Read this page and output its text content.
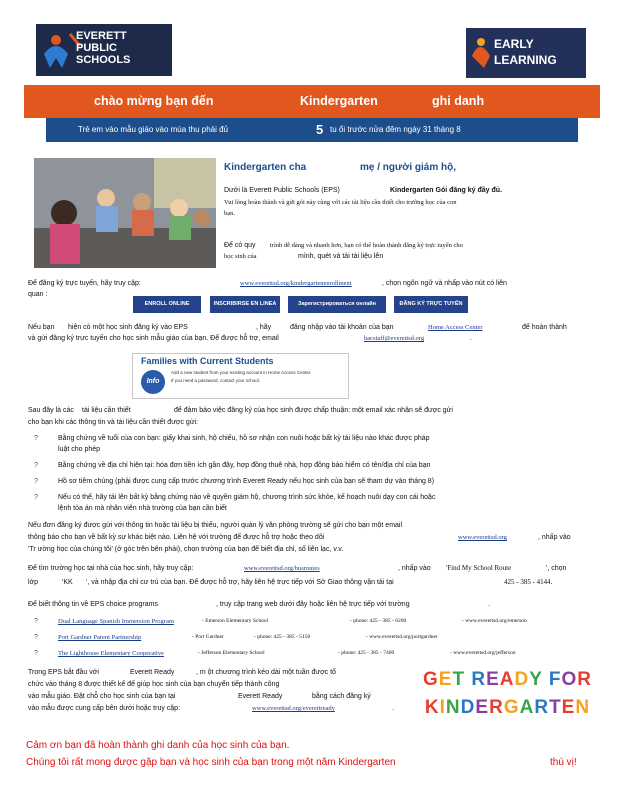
EVERETT PUBLIC SCHOOLS
EARLY LEARNING
chào mừng bạn đến	Kindergarten	ghi danh
Trẻ em vào mẫu giáo vào mùa thu phải đủ	5 tu ổi trước nửa đêm ngày 31 tháng 8
Kindergarten cha	mẹ / người giám hộ,
Dưới là Everett Public Schools (EPS)	Kindergarten Gói đăng ký đầy đủ.
Vui lòng hoàn thành và gửi gói này cùng với các tài liệu cần thiết cho trường học của con
bạn.
Để có quy trình dễ dàng và nhanh hơn, bạn có thể hoàn thành đăng ký trực tuyến cho
học sinh của	mình, quét và tải tài liệu lên
Để đăng ký trực tuyến, hãy truy cập:	www.everettsd.org/kindergartenenrollment	, chọn ngôn ngữ và nhấp vào nút có liên
quan :
ENROLL ONLINE	INSCRIBIRSE EN LINEA	Зарегистрироваться онлайн	ĐĂNG KÝ TRỰC TUYẾN
Nếu bạn hiện có một học sinh đăng ký vào EPS	, hãy	đăng nhập vào tài khoản của bạn	Home Access Center	để hoàn thành
và gửi đăng ký trực tuyến cho học sinh mẫu giáo của bạn. Để được hỗ trợ, email	hacstaff@everettsd.org	.
Families with Current Students
Info
Add a new student from your existing account in Home Access Center.
If you need a password, contact your school.
Sau đây là các tài liệu cần thiết	để đảm bảo việc đăng ký của học sinh được chấp thuận: một email xác nhận sẽ được gửi
cho bạn khi các thông tin và tài liệu cần thiết được gửi:
?	Bằng chứng về tuổi của con bạn: giấy khai sinh, hộ chiếu, hồ sơ nhận con nuôi hoặc bất kỳ tài liệu nào khác được pháp
luật cho phép
?	Bằng chứng về địa chỉ hiện tại: hóa đơn tiền ích gần đây, hợp đồng thuê nhà, hợp đồng bảo hiểm có tên/địa chỉ của bạn
?	Hồ sơ tiêm chủng (phải được cung cấp trước chương trình Everett Ready nếu học sinh của bạn sẽ tham dự vào tháng 8)
?	Nếu có thể, hãy tải lên bất kỳ bằng chứng nào về quyền giám hộ, chương trình sức khỏe, kế hoạch nuôi dạy con cái hoặc
lệnh tòa án mà nhân viên nhà trường của bạn cần biết
Nếu đơn đăng ký được gửi với thông tin hoặc tài liệu bị thiếu, người quản lý văn phòng trường sẽ gửi cho bạn một email
thông báo cho bạn về bất kỳ sự khác biệt nào. Liên hệ với trường để được hỗ trợ hoặc theo dõi	www.everettsd.org	, nhấp vào
'Tr ường học của chúng tôi' (ở góc trên bên phải), chọn trường của bạn để biết địa chỉ, số liên lạc, v.v.
Để tìm trường học tại nhà của học sinh, hãy truy cập:	www.everettsd.org/busroutes	, nhấp vào 'Find My School Route	', chọn
lớp	'KK ', và nhập địa chỉ cư trú của bạn. Để được hỗ trợ, hãy liên hệ trực tiếp với Sở Giao thông vận tải tại	425 - 385 - 4144.
Để biết thông tin về EPS choice programs	, truy cập trang web dưới đây hoặc liên hệ trực tiếp với trường	.
?	Dual Language Spanish Immersion Program	- Emerson Elementary School	- phone: 425 - 385 - 6200	- www.everettsd.org/emerson
?	Port Gardner Parent Partnership	- Port Gardner	- phone: 425 - 385 - 5150	- www.everettsd.org/portgardner
?	The Lighthouse Elementary Cooperative	- Jefferson Elementary School	- phone: 425 - 385 - 7400	- www.everettsd.org/jefferson
Trong EPS bắt đầu với	Everett Ready	, m ột chương trình kéo dài một tuần được tổ
chức vào tháng 8 được thiết kế để giúp học sinh của bạn chuyển tiếp thành công
vào mẫu giáo. Đặt chỗ cho học sinh của bạn tại	Everett Ready	bằng cách đăng ký
vào mẫu được cung cấp bên dưới hoặc truy cập:	www.everettsd.org/everettready	.
GET READY FOR
KINDERGARTEN
Cảm ơn bạn đã hoàn thành ghi danh của học sinh của bạn.
Chúng tôi rất mong được gặp bạn và học sinh của bạn trong một năm Kindergarten	thú vị!
